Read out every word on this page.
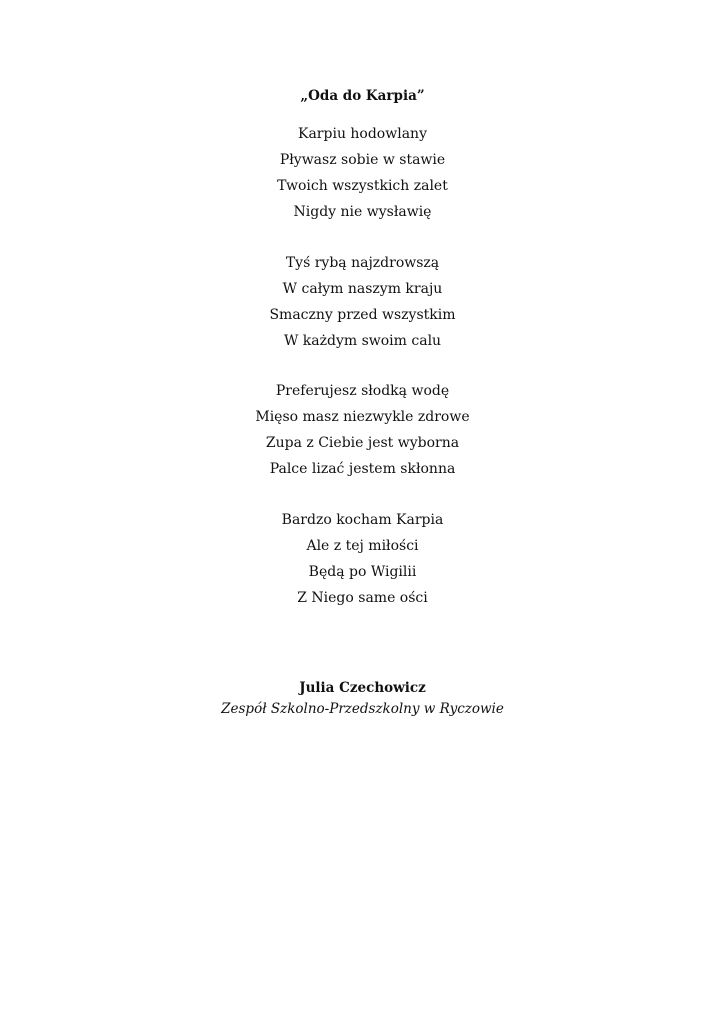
„Oda do Karpia”
Karpiu hodowlany
Pływasz sobie w stawie
Twoich wszystkich zalet
Nigdy nie wysławię
Tyś rybą najzdrowszą
W całym naszym kraju
Smaczny przed wszystkim
W każdym swoim calu
Preferujesz słodką wodę
Mięso masz niezwykle zdrowe
Zupa z Ciebie jest wyborna
Palce lizać jestem skłonna
Bardzo kocham Karpia
Ale z tej miłości
Będą po Wigilii
Z Niego same ości
Julia Czechowicz
Zespół Szkolno-Przedszkolny w Ryczowie
